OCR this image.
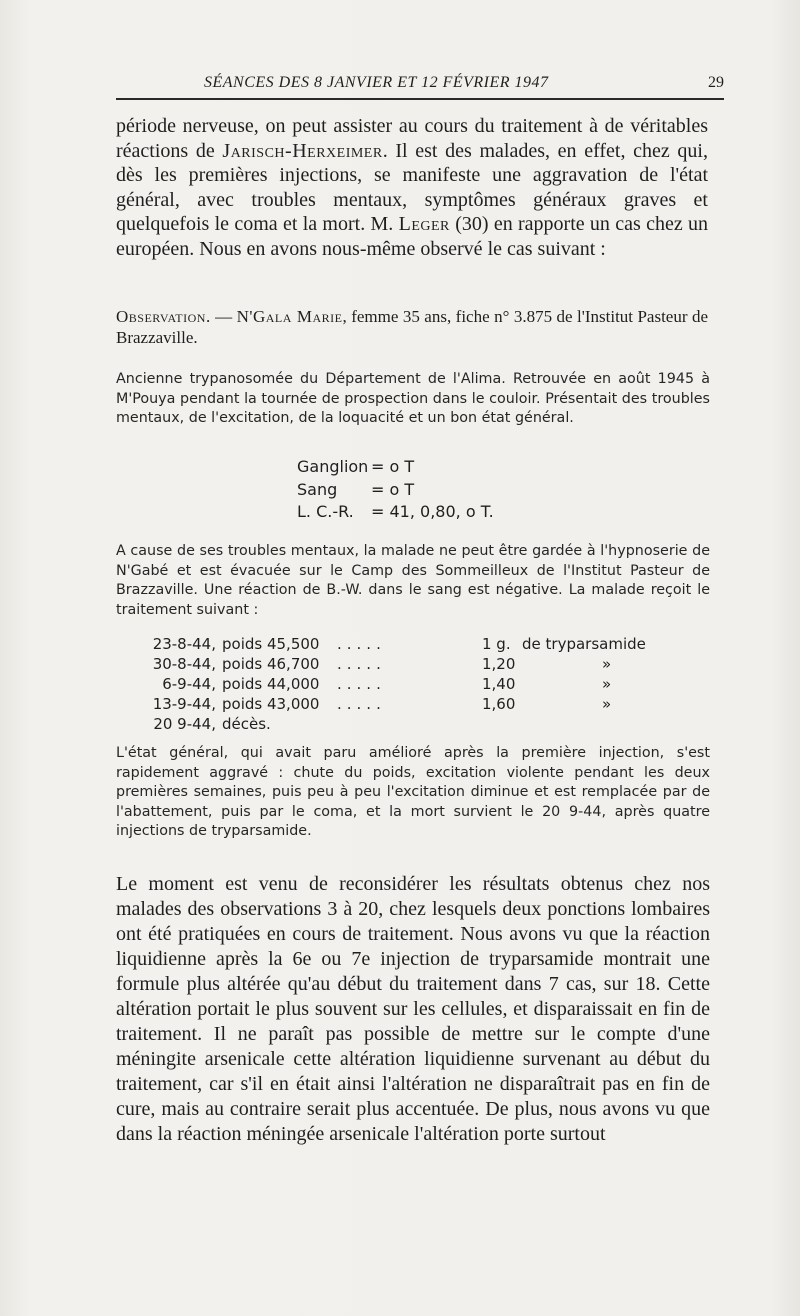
SÉANCES DES 8 JANVIER ET 12 FÉVRIER 1947	29

période nerveuse, on peut assister au cours du traitement à de véritables réactions de Jarisch-Herxeimer. Il est des malades, en effet, chez qui, dès les premières injections, se manifeste une aggravation de l'état général, avec troubles mentaux, symptômes généraux graves et quelquefois le coma et la mort. M. Leger (30) en rapporte un cas chez un européen. Nous en avons nous-même observé le cas suivant :

Observation. — N'Gala Marie, femme 35 ans, fiche n° 3.875 de l'Institut Pasteur de Brazzaville.

Ancienne trypanosomée du Département de l'Alima. Retrouvée en août 1945 à M'Pouya pendant la tournée de prospection dans le couloir. Présentait des troubles mentaux, de l'excitation, de la loquacité et un bon état général.

Ganglion = o T
Sang	= o T
L. C.-R.	= 41, 0,80, o T.

A cause de ses troubles mentaux, la malade ne peut être gardée à l'hypnoserie de N'Gabé et est évacuée sur le Camp des Sommeilleux de l'Institut Pasteur de Brazzaville. Une réaction de B.-W. dans le sang est négative. La malade reçoit le traitement suivant :

23-8-44, poids 45,500	.....	1 g. de tryparsamide
30-8-44, poids 46,700	.....	1,20	»
6-9-44, poids 44,000	.....	1,40	»
13-9-44, poids 43,000	.....	1,60	»
20 9-44, décès.

L'état général, qui avait paru amélioré après la première injection, s'est rapidement aggravé : chute du poids, excitation violente pendant les deux premières semaines, puis peu à peu l'excitation diminue et est remplacée par de l'abattement, puis par le coma, et la mort survient le 20 9-44, après quatre injections de tryparsamide.

Le moment est venu de reconsidérer les résultats obtenus chez nos malades des observations 3 à 20, chez lesquels deux ponctions lombaires ont été pratiquées en cours de traitement. Nous avons vu que la réaction liquidienne après la 6e ou 7e injection de tryparsamide montrait une formule plus altérée qu'au début du traitement dans 7 cas, sur 18. Cette altération portait le plus souvent sur les cellules, et disparaissait en fin de traitement. Il ne paraît pas possible de mettre sur le compte d'une méningite arsenicale cette altération liquidienne survenant au début du traitement, car s'il en était ainsi l'altération ne disparaîtrait pas en fin de cure, mais au contraire serait plus accentuée. De plus, nous avons vu que dans la réaction méningée arsenicale l'altération porte surtout
